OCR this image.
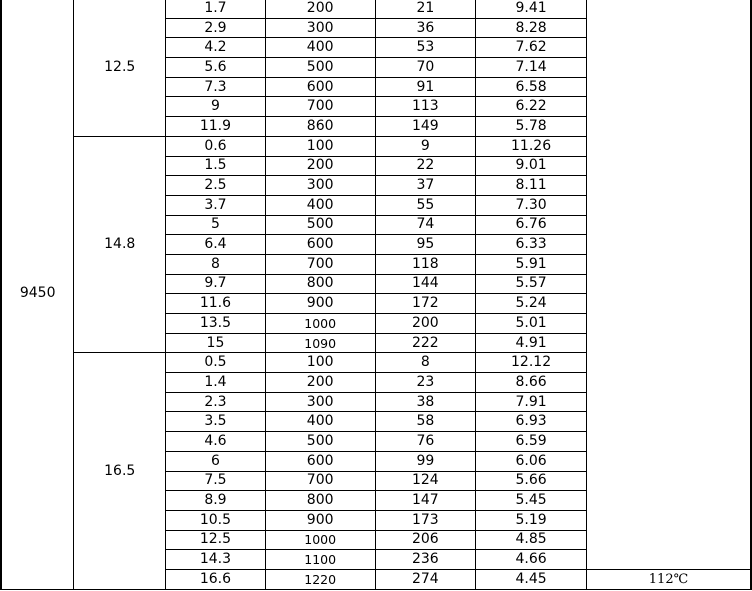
9450	12.5	1.7	200	21	9.41	
		2.9	300	36	8.28	
		4.2	400	53	7.62	
		5.6	500	70	7.14	
		7.3	600	91	6.58	
		9	700	113	6.22	
		11.9	860	149	5.78	
	14.8	0.6	100	9	11.26	
		1.5	200	22	9.01	
		2.5	300	37	8.11	
		3.7	400	55	7.30	
		5	500	74	6.76	
		6.4	600	95	6.33	
		8	700	118	5.91	
		9.7	800	144	5.57	
		11.6	900	172	5.24	
		13.5	1000	200	5.01	
		15	1090	222	4.91	
	16.5	0.5	100	8	12.12	
		1.4	200	23	8.66	
		2.3	300	38	7.91	
		3.5	400	58	6.93	
		4.6	500	76	6.59	
		6	600	99	6.06	
		7.5	700	124	5.66	
		8.9	800	147	5.45	
		10.5	900	173	5.19	
		12.5	1000	206	4.85	
		14.3	1100	236	4.66	
		16.6	1220	274	4.45	112℃
